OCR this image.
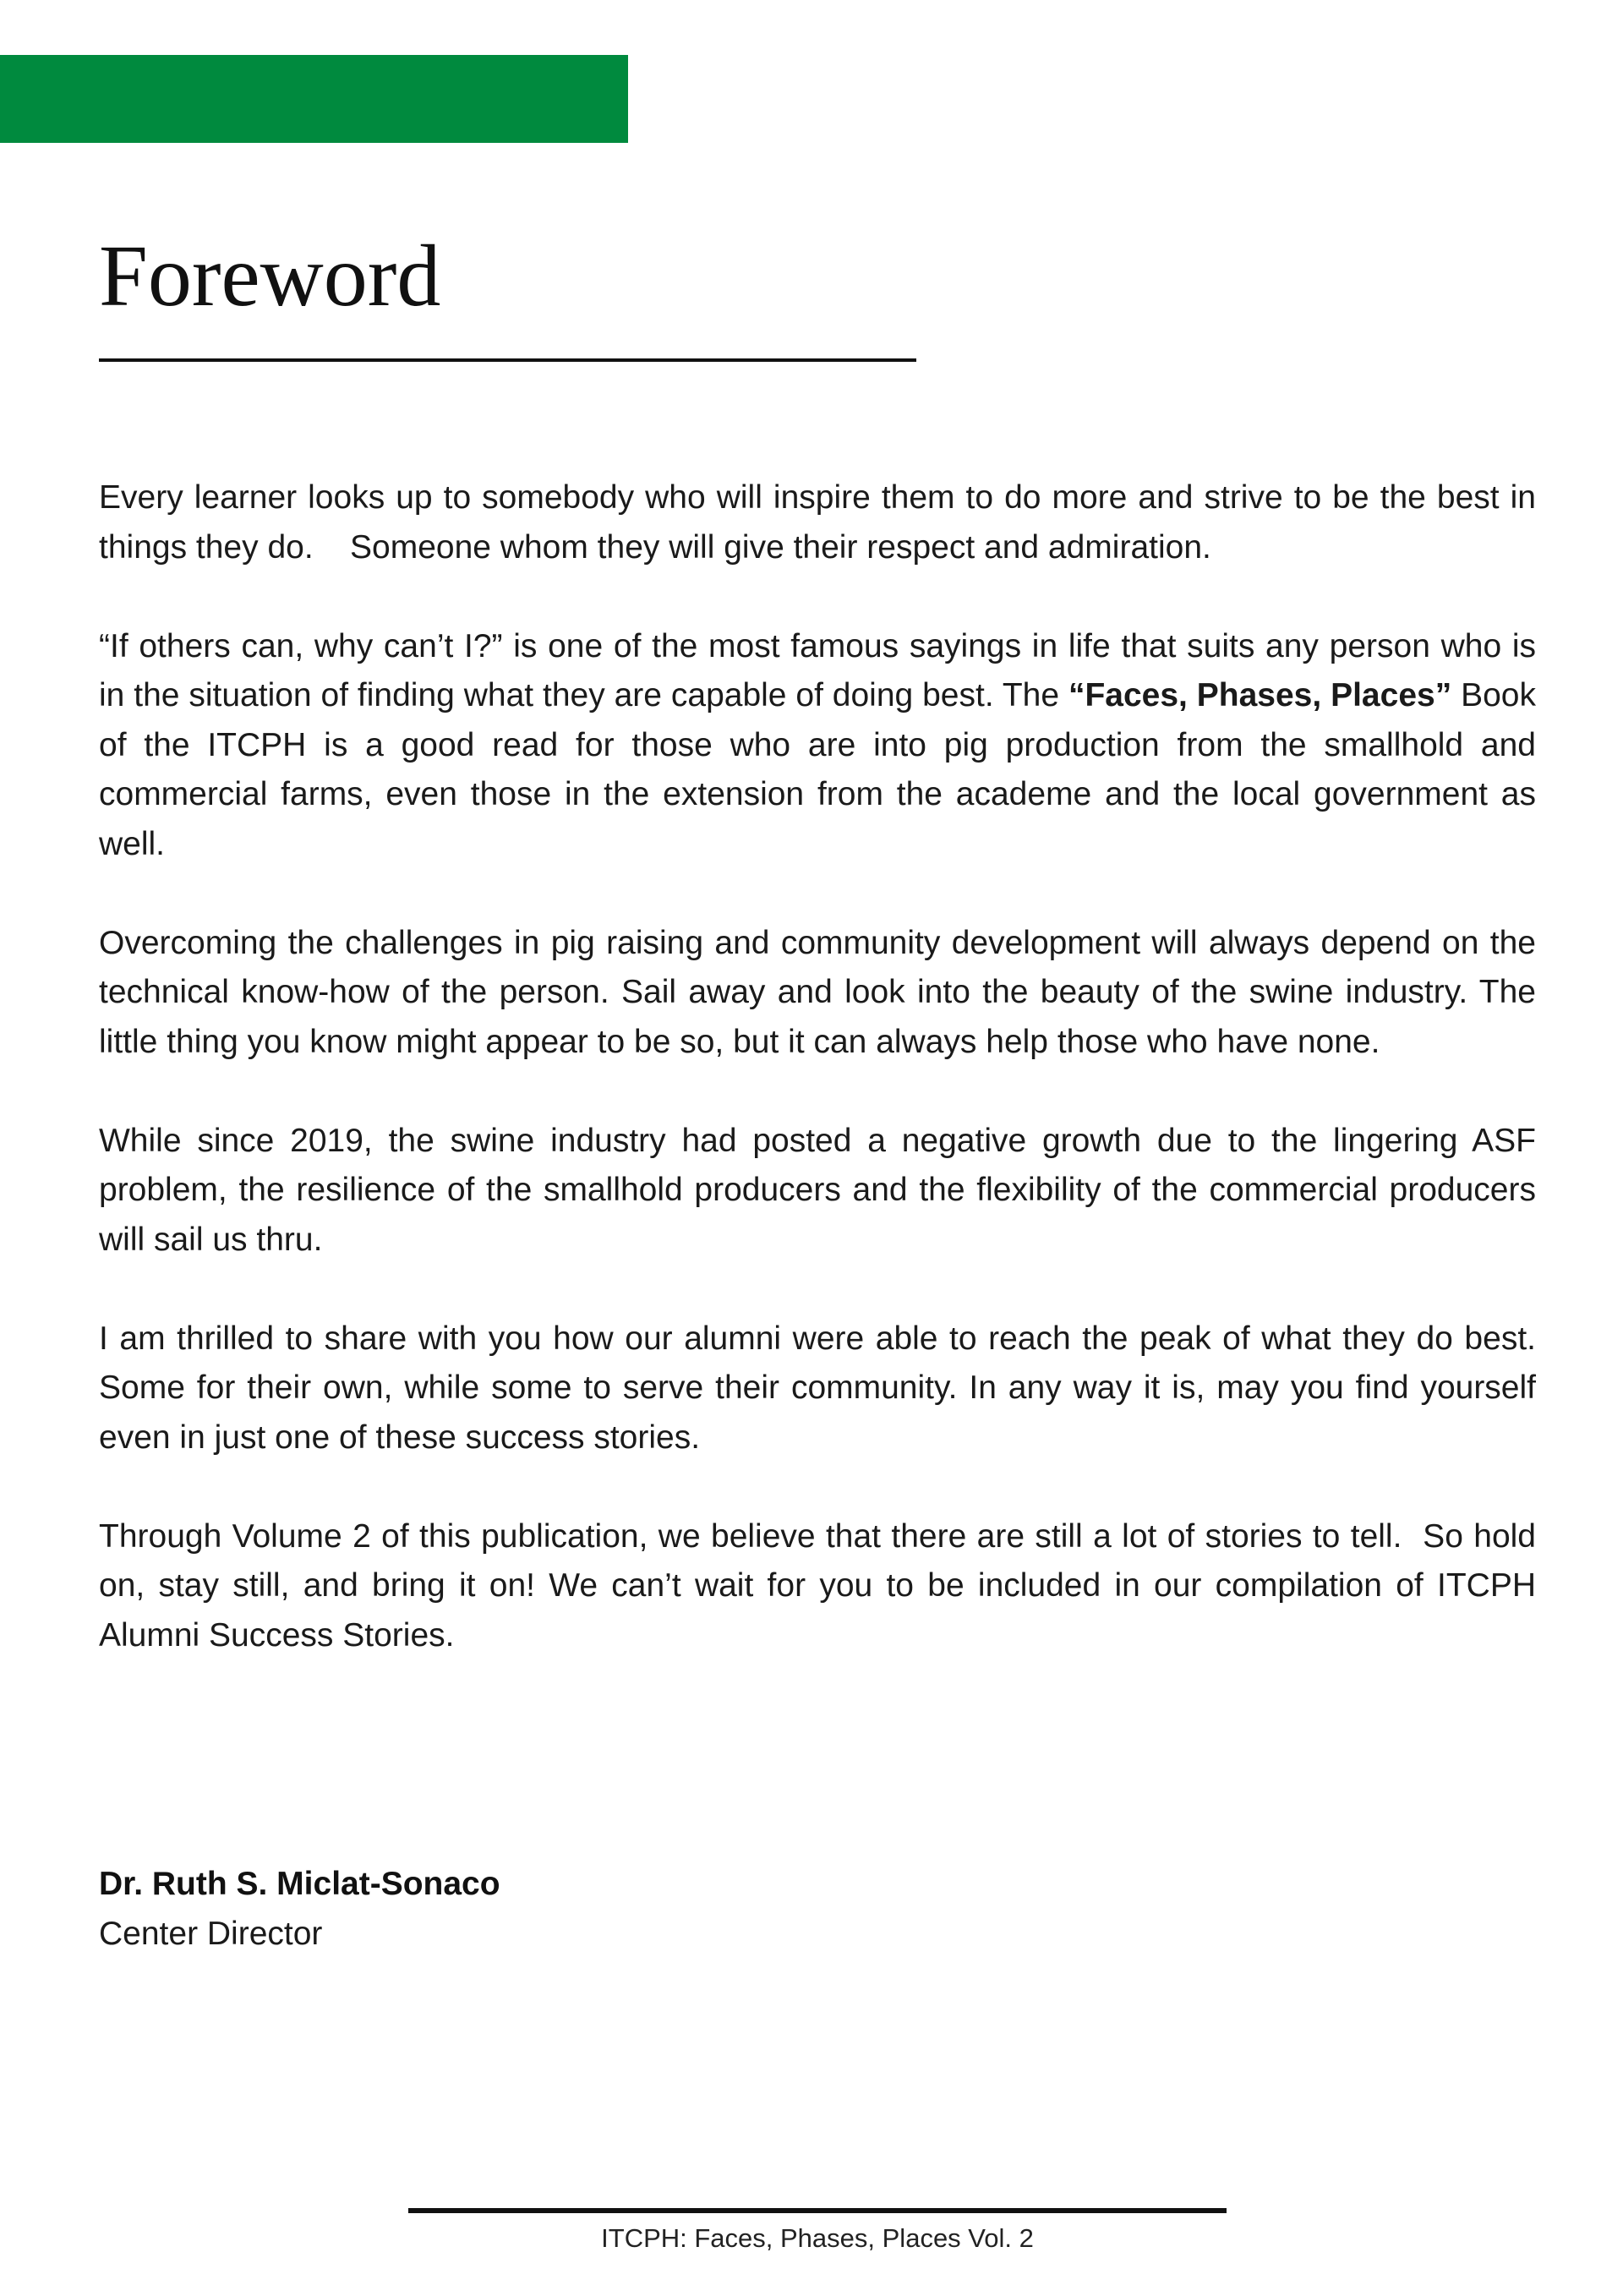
Foreword

Every learner looks up to somebody who will inspire them to do more and strive to be the best in things they do.    Someone whom they will give their respect and admiration.

“If others can, why can’t I?” is one of the most famous sayings in life that suits any person who is in the situation of finding what they are capable of doing best. The “Faces, Phases, Places” Book of the ITCPH is a good read for those who are into pig production from the smallhold and commercial farms, even those in the extension from the academe and the local government as well.

Overcoming the challenges in pig raising and community development will always depend on the technical know-how of the person. Sail away and look into the beauty of the swine industry. The little thing you know might appear to be so, but it can always help those who have none.

While since 2019, the swine industry had posted a negative growth due to the lingering ASF problem, the resilience of the smallhold producers and the flexibility of the commercial producers will sail us thru.

I am thrilled to share with you how our alumni were able to reach the peak of what they do best. Some for their own, while some to serve their community. In any way it is, may you find yourself even in just one of these success stories.

Through Volume 2 of this publication, we believe that there are still a lot of stories to tell.  So hold on, stay still, and bring it on! We can’t wait for you to be included in our compilation of ITCPH Alumni Success Stories.

Dr. Ruth S. Miclat-Sonaco
Center Director
ITCPH: Faces, Phases, Places Vol. 2
